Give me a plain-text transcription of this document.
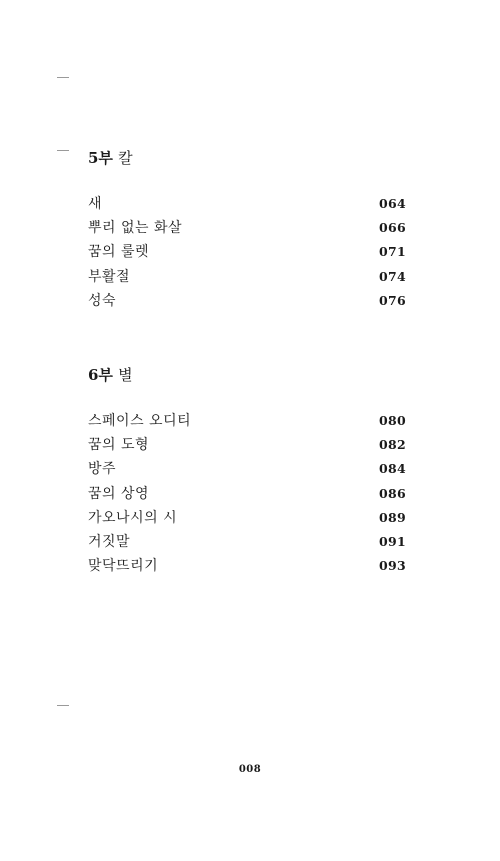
5부 칼
새	064
뿌리 없는 화살	066
꿈의 룰렛	071
부활절	074
성숙	076
6부 별
스페이스 오디티	080
꿈의 도형	082
방주	084
꿈의 상영	086
가오나시의 시	089
거짓말	091
맞닥뜨리기	093
008
